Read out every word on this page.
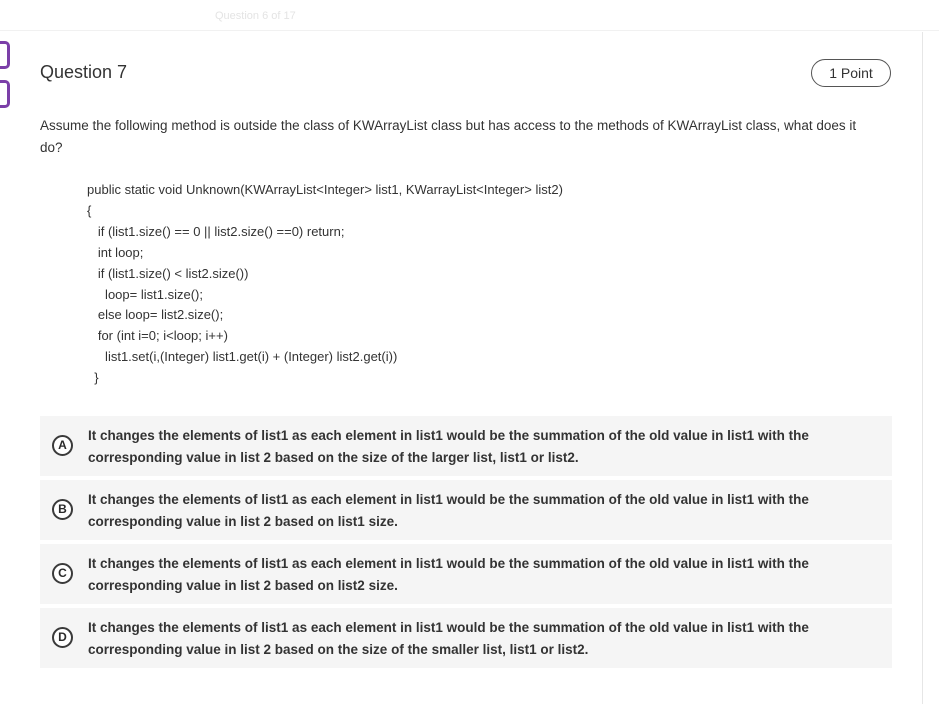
Question 6 of 17
Question 7	1 Point
Assume the following method is outside the class of KWArrayList class but has access to the methods of KWArrayList class, what does it do?
public static void Unknown(KWArrayList<Integer> list1, KWarrayList<Integer> list2)
{
if (list1.size() == 0 || list2.size() ==0) return;
int loop;
if (list1.size() < list2.size())
loop= list1.size();
else loop= list2.size();
for (int i=0; i<loop; i++)
list1.set(i,(Integer) list1.get(i) + (Integer) list2.get(i))
}
A
It changes the elements of list1 as each element in list1 would be the summation of the old value in list1 with the corresponding value in list 2 based on the size of the larger list, list1 or list2.
B
It changes the elements of list1 as each element in list1 would be the summation of the old value in list1 with the corresponding value in list 2 based on list1 size.
C
It changes the elements of list1 as each element in list1 would be the summation of the old value in list1 with the corresponding value in list 2 based on list2 size.
D
It changes the elements of list1 as each element in list1 would be the summation of the old value in list1 with the corresponding value in list 2 based on the size of the smaller list, list1 or list2.
